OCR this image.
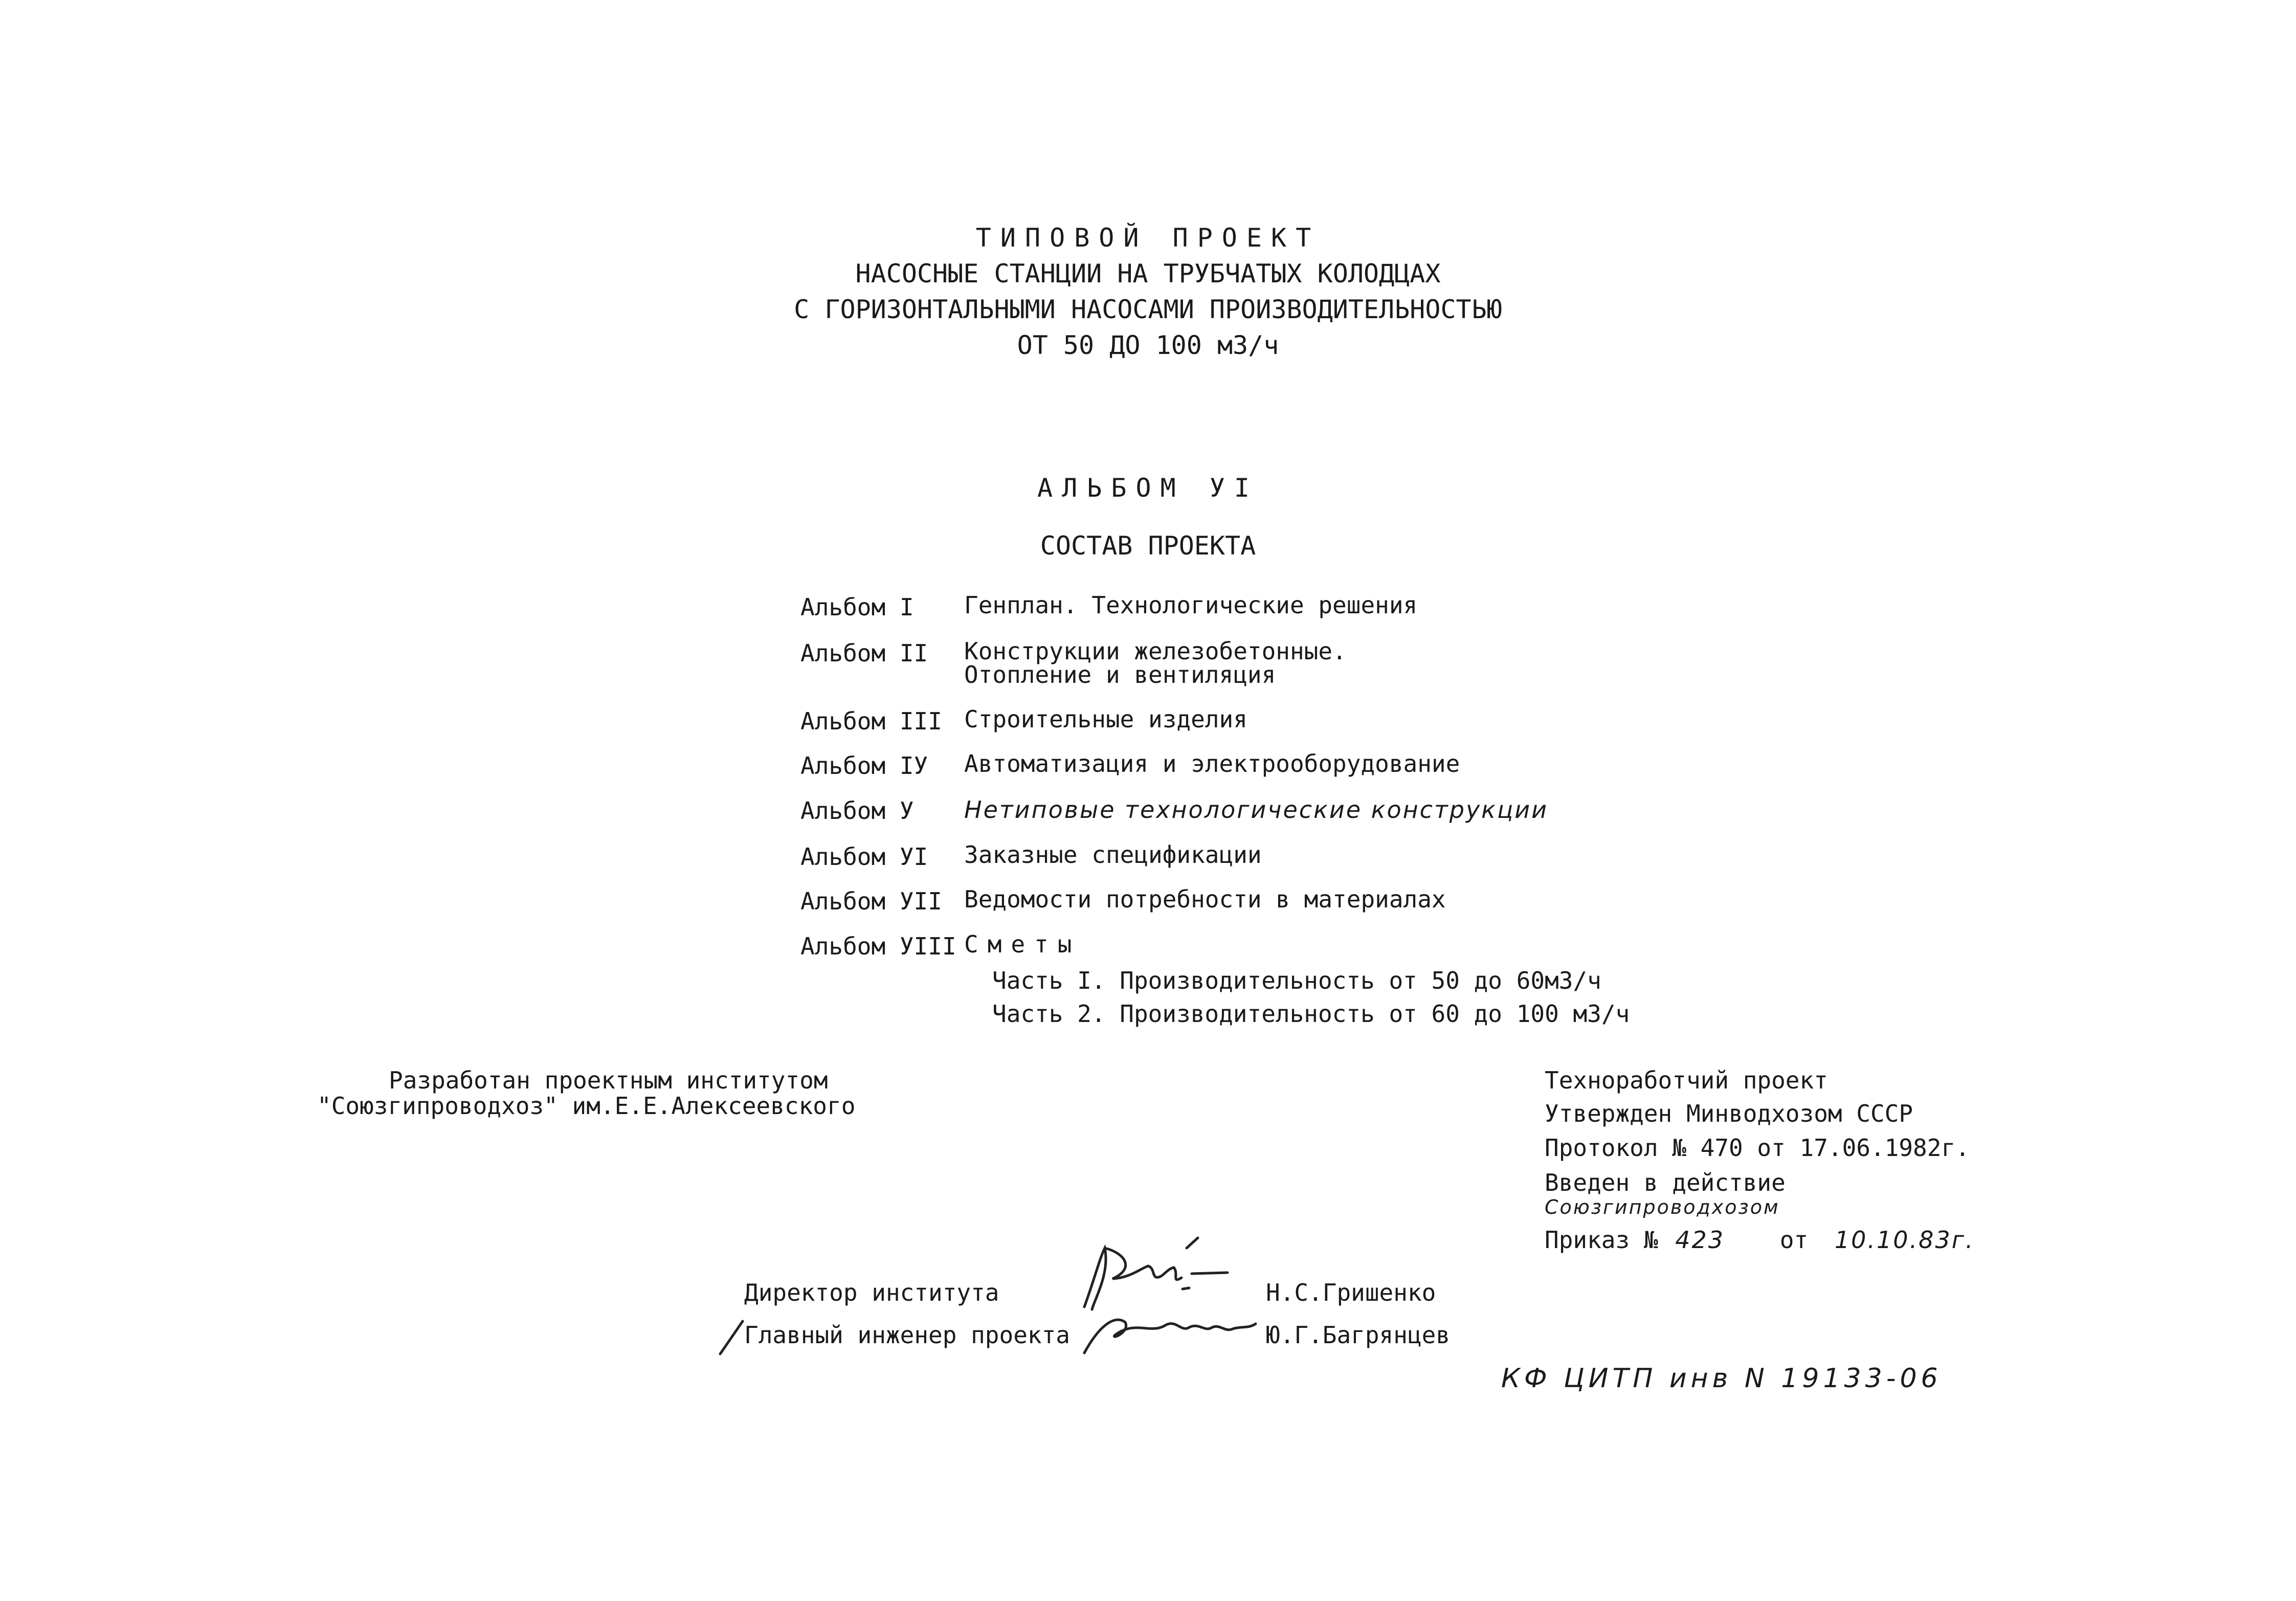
ТИПОВОЙ ПРОЕКТ
НАСОСНЫЕ СТАНЦИИ НА ТРУБЧАТЫХ КОЛОДЦАХ
С ГОРИЗОНТАЛЬНЫМИ НАСОСАМИ ПРОИЗВОДИТЕЛЬНОСТЬЮ
ОТ 50 ДО 100 м3/ч
АЛЬБОМ УI
СОСТАВ ПРОЕКТА
Альбом I Генплан. Технологические решения
Альбом II Конструкции железобетонные.
Отопление и вентиляция
Альбом III Строительные изделия
Альбом IУ Автоматизация и электрооборудование
Альбом У Нетиповые технологические конструкции
Альбом УI Заказные спецификации
Альбом УII Ведомости потребности в материалах
Альбом УIII Сметы
Часть I. Производительность от 50 до 60м3/ч
Часть 2. Производительность от 60 до 100 м3/ч
Разработан проектным институтом
"Союзгипроводхоз" им.Е.Е.Алексеевского
Техноработчий проект
Утвержден Минводхозом СССР
Протокол № 470 от 17.06.1982г.
Введен в действие
Союзгипроводхозом
Приказ № 423 от 10.10.83г.
Директор института	Н.С.Гришенко
Главный инженер проекта	Ю.Г.Багрянцев
КФ ЦИТП инв N 19133-06
